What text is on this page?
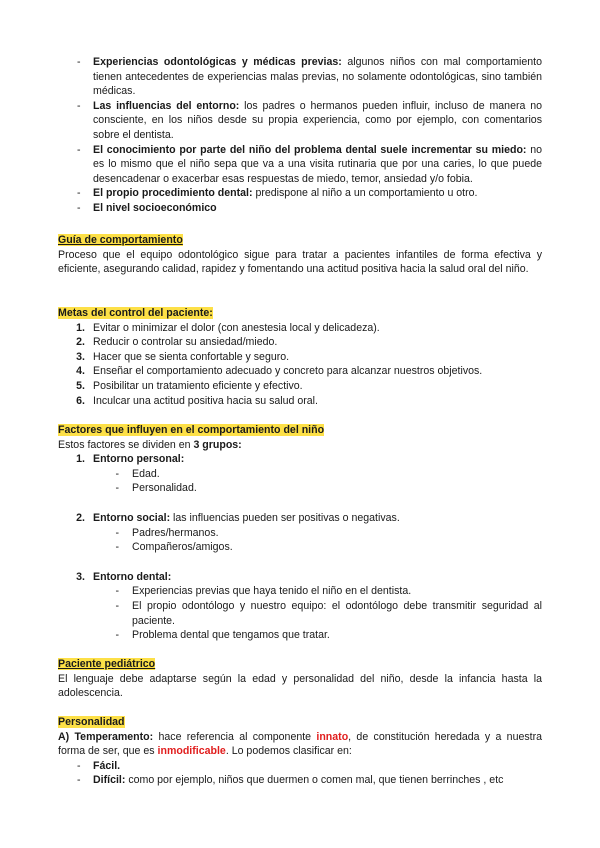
-	Experiencias odontológicas y médicas previas: algunos niños con mal comportamiento tienen antecedentes de experiencias malas previas, no solamente odontológicas, sino también médicas.
-	Las influencias del entorno: los padres o hermanos pueden influir, incluso de manera no consciente, en los niños desde su propia experiencia, como por ejemplo, con comentarios sobre el dentista.
-	El conocimiento por parte del niño del problema dental suele incrementar su miedo: no es lo mismo que el niño sepa que va a una visita rutinaria que por una caries, lo que puede desencadenar o exacerbar esas respuestas de miedo, temor, ansiedad y/o fobia.
-	El propio procedimiento dental: predispone al niño a un comportamiento u otro.
-	El nivel socioeconómico
Guía de comportamiento
Proceso que el equipo odontológico sigue para tratar a pacientes infantiles de forma efectiva y eficiente, asegurando calidad, rapidez y fomentando una actitud positiva hacia la salud oral del niño.
Metas del control del paciente:
1. Evitar o minimizar el dolor (con anestesia local y delicadeza).
2. Reducir o controlar su ansiedad/miedo.
3. Hacer que se sienta confortable y seguro.
4. Enseñar el comportamiento adecuado y concreto para alcanzar nuestros objetivos.
5. Posibilitar un tratamiento eficiente y efectivo.
6. Inculcar una actitud positiva hacia su salud oral.
Factores que influyen en el comportamiento del niño
Estos factores se dividen en 3 grupos:
1. Entorno personal:
-	Edad.
-	Personalidad.
2. Entorno social: las influencias pueden ser positivas o negativas.
-	Padres/hermanos.
-	Compañeros/amigos.
3. Entorno dental:
-	Experiencias previas que haya tenido el niño en el dentista.
-	El propio odontólogo y nuestro equipo: el odontólogo debe transmitir seguridad al paciente.
-	Problema dental que tengamos que tratar.
Paciente pediátrico
El lenguaje debe adaptarse según la edad y personalidad del niño, desde la infancia hasta la adolescencia.
Personalidad
A) Temperamento: hace referencia al componente innato, de constitución heredada y a nuestra forma de ser, que es inmodificable. Lo podemos clasificar en:
-	Fácil.
-	Difícil: como por ejemplo, niños que duermen o comen mal, que tienen berrinches , etc
